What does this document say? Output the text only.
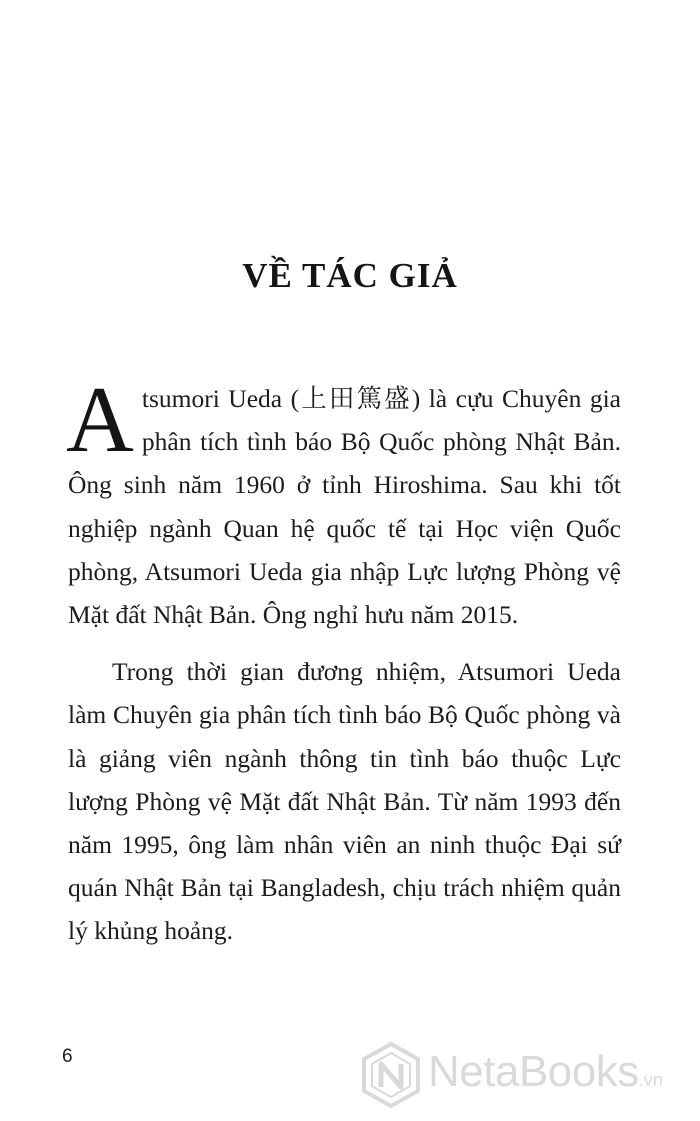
VỀ TÁC GIẢ

Atsumori Ueda (上田篤盛) là cựu Chuyên gia phân tích tình báo Bộ Quốc phòng Nhật Bản. Ông sinh năm 1960 ở tỉnh Hiroshima. Sau khi tốt nghiệp ngành Quan hệ quốc tế tại Học viện Quốc phòng, Atsumori Ueda gia nhập Lực lượng Phòng vệ Mặt đất Nhật Bản. Ông nghỉ hưu năm 2015.

Trong thời gian đương nhiệm, Atsumori Ueda làm Chuyên gia phân tích tình báo Bộ Quốc phòng và là giảng viên ngành thông tin tình báo thuộc Lực lượng Phòng vệ Mặt đất Nhật Bản. Từ năm 1993 đến năm 1995, ông làm nhân viên an ninh thuộc Đại sứ quán Nhật Bản tại Bangladesh, chịu trách nhiệm quản lý khủng hoảng.

6	NetaBooks.vn
